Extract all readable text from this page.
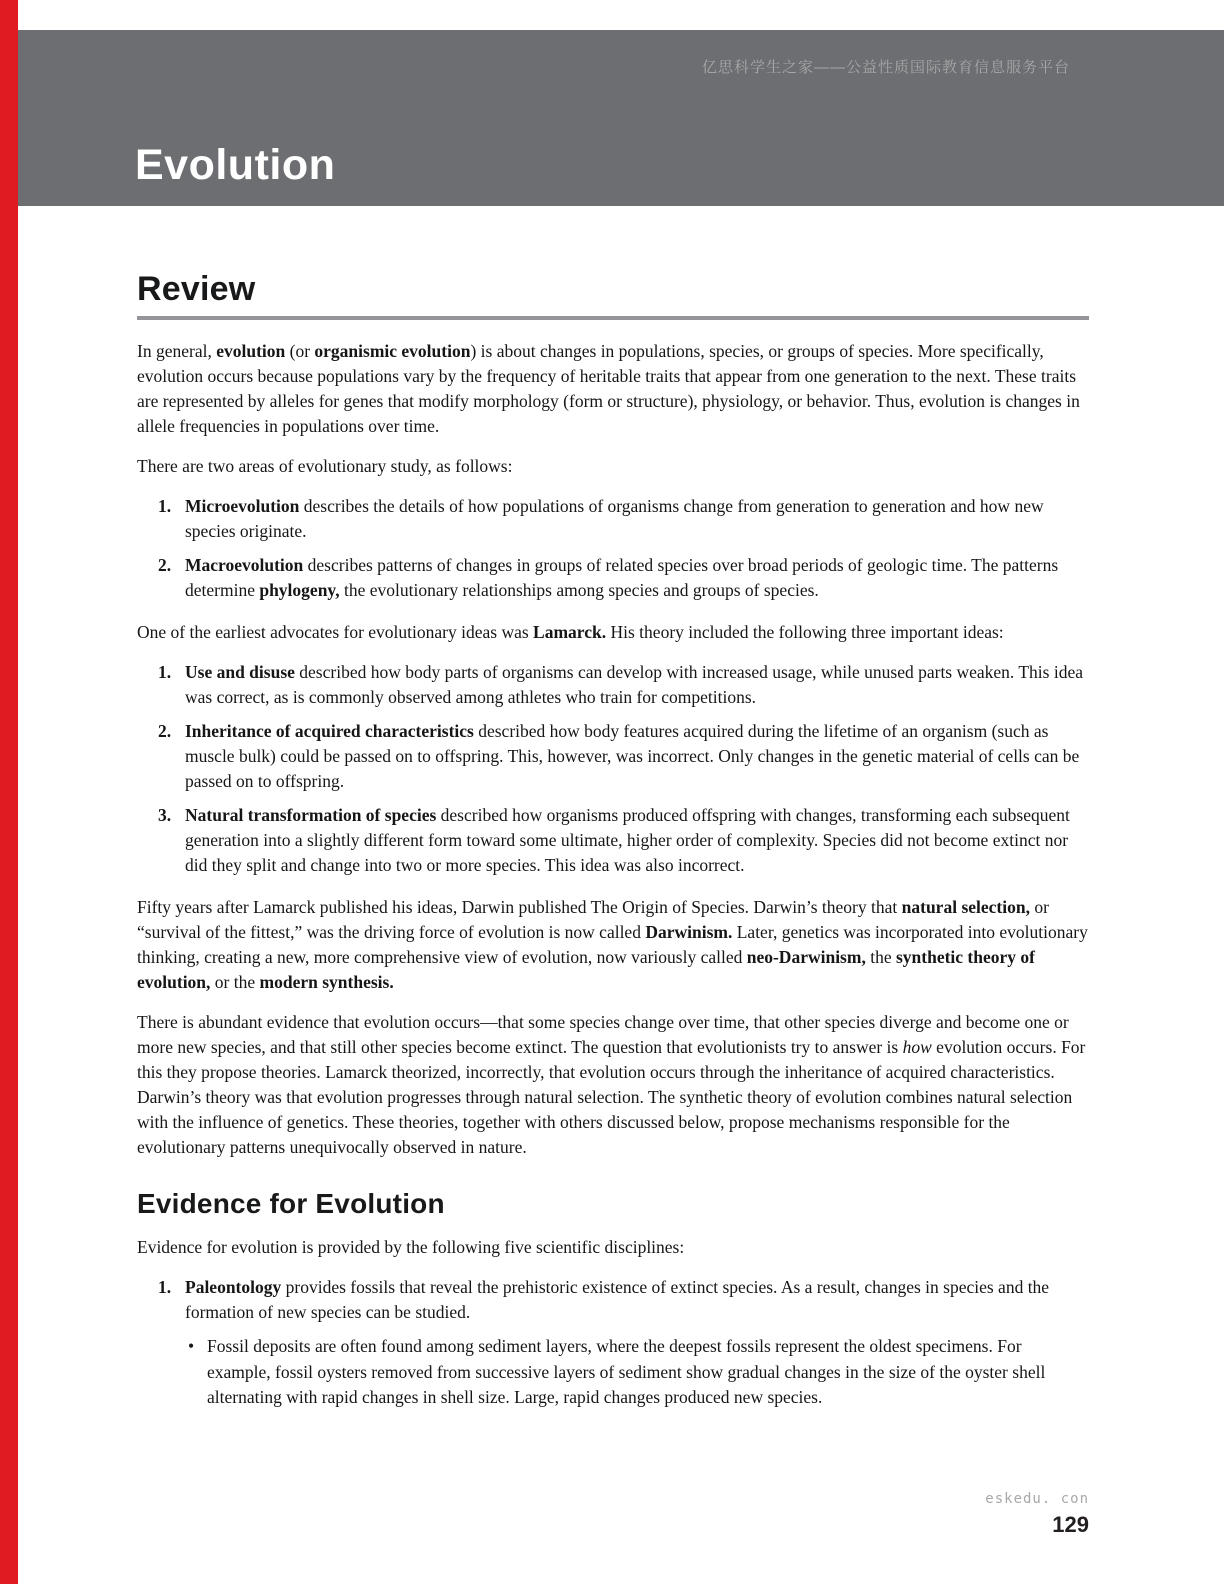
亿思科学生之家——公益性质国际教育信息服务平台
Evolution
Review

In general, evolution (or organismic evolution) is about changes in populations, species, or groups of species. More specifically, evolution occurs because populations vary by the frequency of heritable traits that appear from one generation to the next. These traits are represented by alleles for genes that modify morphology (form or structure), physiology, or behavior. Thus, evolution is changes in allele frequencies in populations over time.

There are two areas of evolutionary study, as follows:

1. Microevolution describes the details of how populations of organisms change from generation to generation and how new species originate.
2. Macroevolution describes patterns of changes in groups of related species over broad periods of geologic time. The patterns determine phylogeny, the evolutionary relationships among species and groups of species.

One of the earliest advocates for evolutionary ideas was Lamarck. His theory included the following three important ideas:

1. Use and disuse described how body parts of organisms can develop with increased usage, while unused parts weaken. This idea was correct, as is commonly observed among athletes who train for competitions.
2. Inheritance of acquired characteristics described how body features acquired during the lifetime of an organism (such as muscle bulk) could be passed on to offspring. This, however, was incorrect. Only changes in the genetic material of cells can be passed on to offspring.
3. Natural transformation of species described how organisms produced offspring with changes, transforming each subsequent generation into a slightly different form toward some ultimate, higher order of complexity. Species did not become extinct nor did they split and change into two or more species. This idea was also incorrect.

Fifty years after Lamarck published his ideas, Darwin published The Origin of Species. Darwin’s theory that natural selection, or “survival of the fittest,” was the driving force of evolution is now called Darwinism. Later, genetics was incorporated into evolutionary thinking, creating a new, more comprehensive view of evolution, now variously called neo-Darwinism, the synthetic theory of evolution, or the modern synthesis.

There is abundant evidence that evolution occurs—that some species change over time, that other species diverge and become one or more new species, and that still other species become extinct. The question that evolutionists try to answer is how evolution occurs. For this they propose theories. Lamarck theorized, incorrectly, that evolution occurs through the inheritance of acquired characteristics. Darwin’s theory was that evolution progresses through natural selection. The synthetic theory of evolution combines natural selection with the influence of genetics. These theories, together with others discussed below, propose mechanisms responsible for the evolutionary patterns unequivocally observed in nature.

Evidence for Evolution

Evidence for evolution is provided by the following five scientific disciplines:

1. Paleontology provides fossils that reveal the prehistoric existence of extinct species. As a result, changes in species and the formation of new species can be studied.
• Fossil deposits are often found among sediment layers, where the deepest fossils represent the oldest specimens. For example, fossil oysters removed from successive layers of sediment show gradual changes in the size of the oyster shell alternating with rapid changes in shell size. Large, rapid changes produced new species.
eskedu. con
129
